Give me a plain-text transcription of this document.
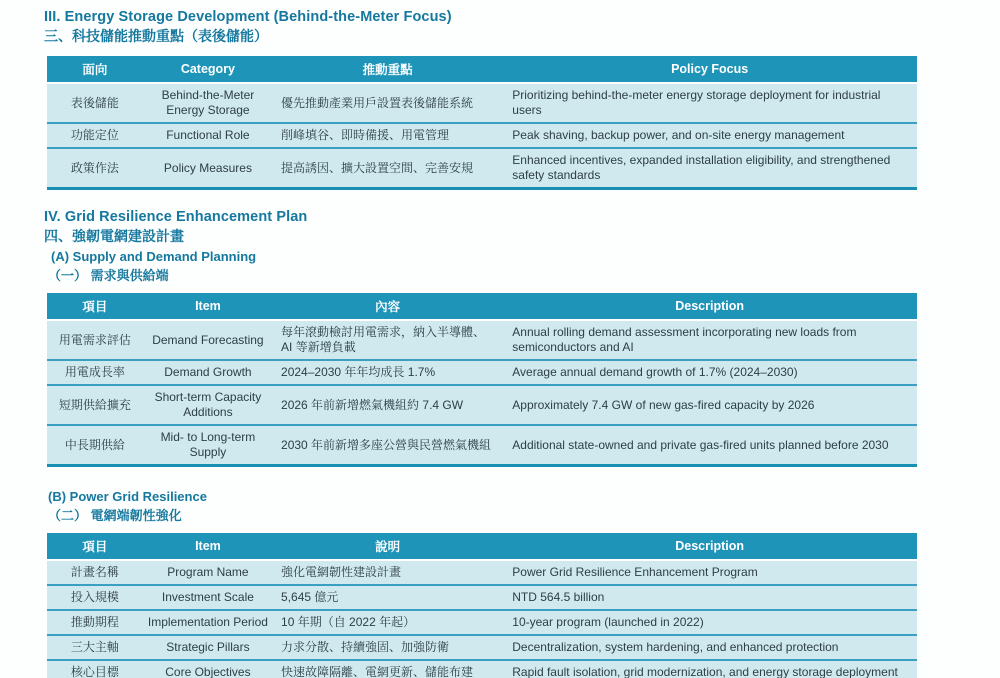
III. Energy Storage Development (Behind-the-Meter Focus)
三、科技儲能推動重點（表後儲能）
面向	Category	推動重點	Policy Focus
表後儲能	Behind-the-Meter Energy Storage	優先推動產業用戶設置表後儲能系統	Prioritizing behind-the-meter energy storage deployment for industrial users
功能定位	Functional Role	削峰填谷、即時備援、用電管理	Peak shaving, backup power, and on-site energy management
政策作法	Policy Measures	提高誘因、擴大設置空間、完善安規	Enhanced incentives, expanded installation eligibility, and strengthened safety standards
IV. Grid Resilience Enhancement Plan
四、強韌電網建設計畫
(A) Supply and Demand Planning
（一） 需求與供給端
項目	Item	內容	Description
用電需求評估	Demand Forecasting	每年滾動檢討用電需求，納入半導體、AI 等新增負載	Annual rolling demand assessment incorporating new loads from semiconductors and AI
用電成長率	Demand Growth	2024–2030 年年均成長 1.7%	Average annual demand growth of 1.7% (2024–2030)
短期供給擴充	Short-term Capacity Additions	2026 年前新增燃氣機組約 7.4 GW	Approximately 7.4 GW of new gas-fired capacity by 2026
中長期供給	Mid- to Long-term Supply	2030 年前新增多座公營與民營燃氣機組	Additional state-owned and private gas-fired units planned before 2030
(B) Power Grid Resilience
（二） 電網端韌性強化
項目	Item	說明	Description
計畫名稱	Program Name	強化電網韌性建設計畫	Power Grid Resilience Enhancement Program
投入規模	Investment Scale	5,645 億元	NTD 564.5 billion
推動期程	Implementation Period	10 年期（自 2022 年起）	10-year program (launched in 2022)
三大主軸	Strategic Pillars	力求分散、持續強固、加強防衛	Decentralization, system hardening, and enhanced protection
核心目標	Core Objectives	快速故障隔離、電網更新、儲能布建	Rapid fault isolation, grid modernization, and energy storage deployment
